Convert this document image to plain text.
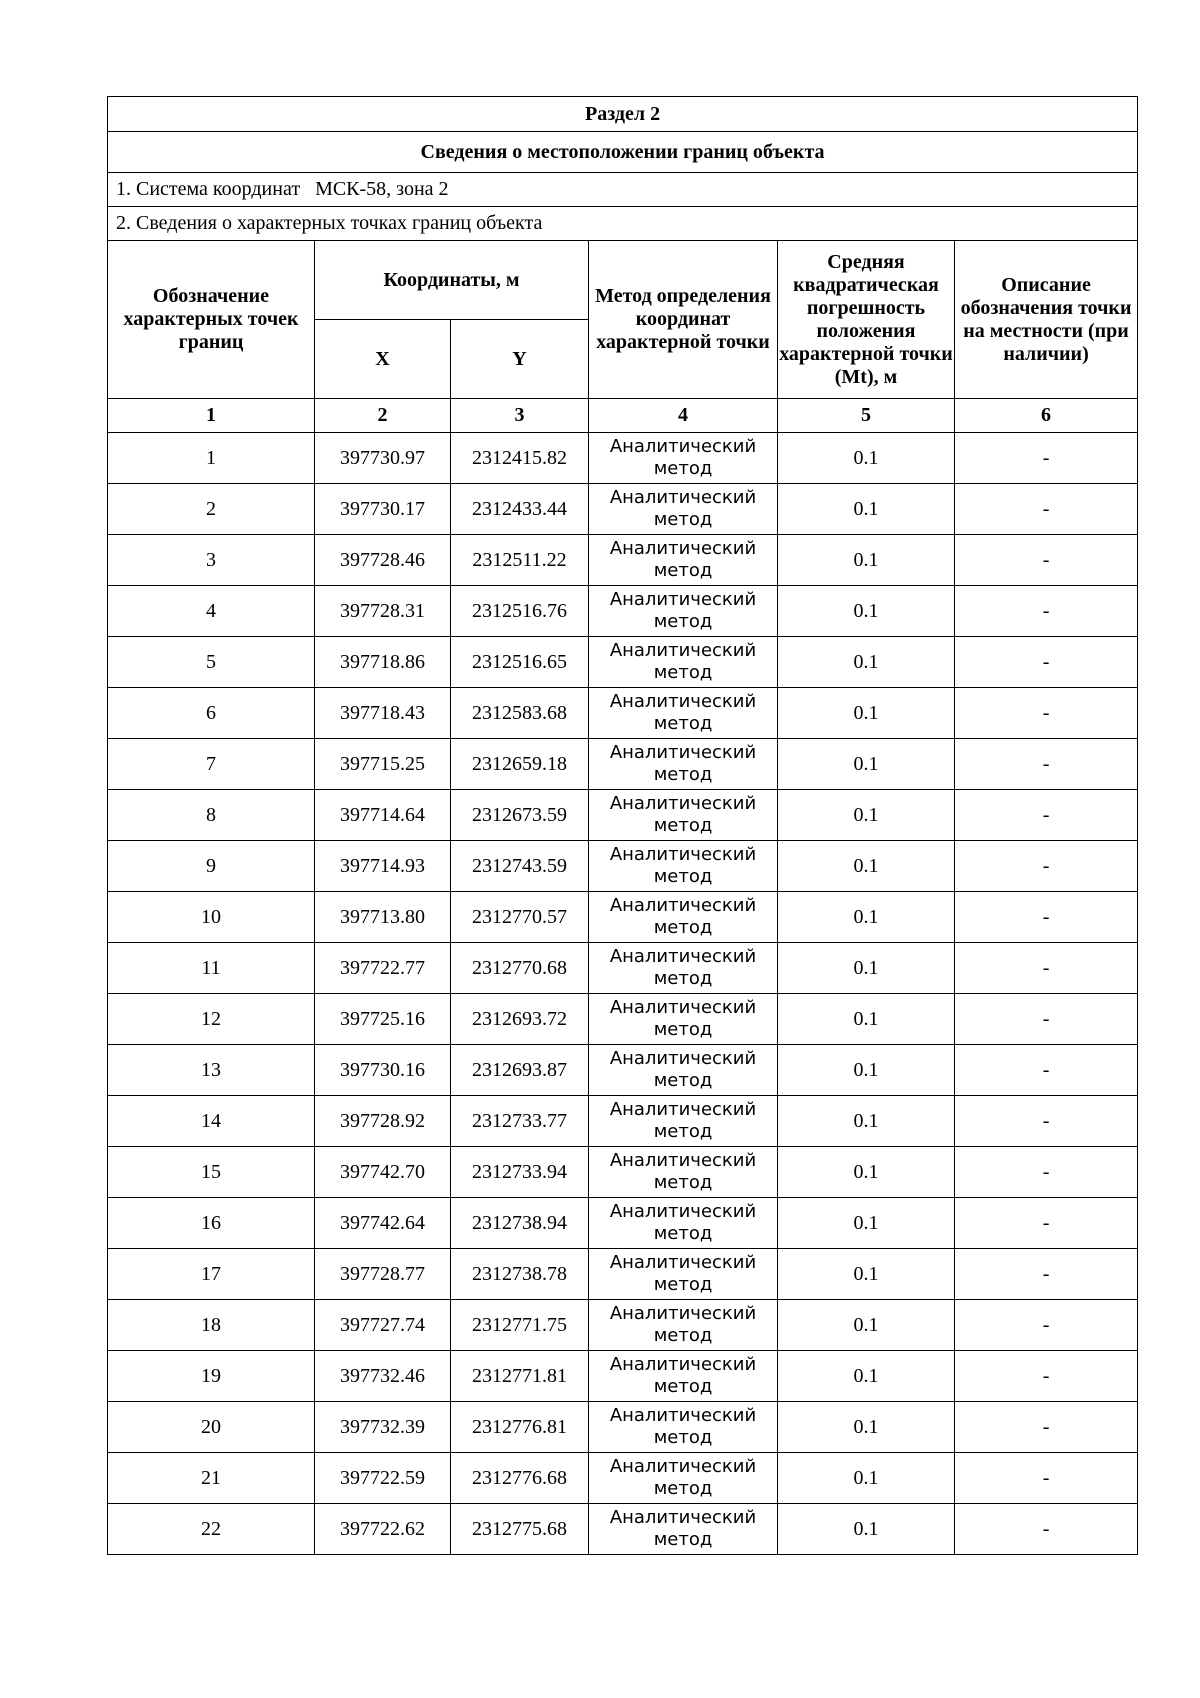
Раздел 2					
Сведения о местоположении границ объекта					
1. Система координат МСК-58, зона 2					
2. Сведения о характерных точках границ объекта					
Обозначение характерных точек границ	Координаты, м		Метод определения координат характерной точки	Средняя квадратическая погрешность положения характерной точки (Mt), м	Описание обозначения точки на местности (при наличии)
	X	Y			
1	2	3	4	5	6
1	397730.97	2312415.82	Аналитический метод	0.1	-
2	397730.17	2312433.44	Аналитический метод	0.1	-
3	397728.46	2312511.22	Аналитический метод	0.1	-
4	397728.31	2312516.76	Аналитический метод	0.1	-
5	397718.86	2312516.65	Аналитический метод	0.1	-
6	397718.43	2312583.68	Аналитический метод	0.1	-
7	397715.25	2312659.18	Аналитический метод	0.1	-
8	397714.64	2312673.59	Аналитический метод	0.1	-
9	397714.93	2312743.59	Аналитический метод	0.1	-
10	397713.80	2312770.57	Аналитический метод	0.1	-
11	397722.77	2312770.68	Аналитический метод	0.1	-
12	397725.16	2312693.72	Аналитический метод	0.1	-
13	397730.16	2312693.87	Аналитический метод	0.1	-
14	397728.92	2312733.77	Аналитический метод	0.1	-
15	397742.70	2312733.94	Аналитический метод	0.1	-
16	397742.64	2312738.94	Аналитический метод	0.1	-
17	397728.77	2312738.78	Аналитический метод	0.1	-
18	397727.74	2312771.75	Аналитический метод	0.1	-
19	397732.46	2312771.81	Аналитический метод	0.1	-
20	397732.39	2312776.81	Аналитический метод	0.1	-
21	397722.59	2312776.68	Аналитический метод	0.1	-
22	397722.62	2312775.68	Аналитический метод	0.1	-
